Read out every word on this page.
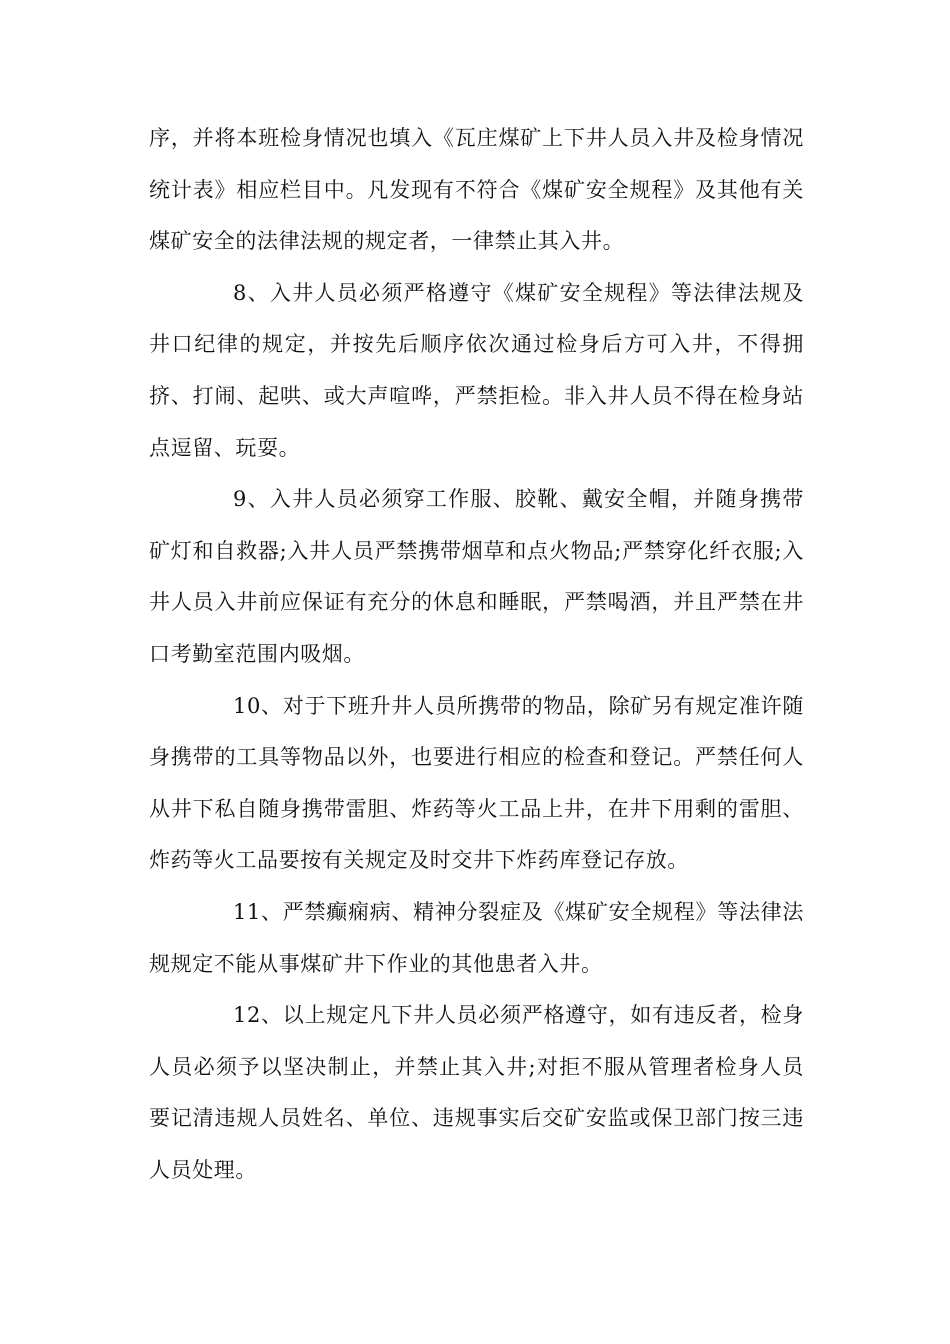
序，并将本班检身情况也填入《瓦庄煤矿上下井人员入井及检身情况统计表》相应栏目中。凡发现有不符合《煤矿安全规程》及其他有关煤矿安全的法律法规的规定者，一律禁止其入井。

8、入井人员必须严格遵守《煤矿安全规程》等法律法规及井口纪律的规定，并按先后顺序依次通过检身后方可入井，不得拥挤、打闹、起哄、或大声喧哗，严禁拒检。非入井人员不得在检身站点逗留、玩耍。

9、入井人员必须穿工作服、胶靴、戴安全帽，并随身携带矿灯和自救器;入井人员严禁携带烟草和点火物品;严禁穿化纤衣服;入井人员入井前应保证有充分的休息和睡眠，严禁喝酒，并且严禁在井口考勤室范围内吸烟。

10、对于下班升井人员所携带的物品，除矿另有规定准许随身携带的工具等物品以外，也要进行相应的检查和登记。严禁任何人从井下私自随身携带雷胆、炸药等火工品上井，在井下用剩的雷胆、炸药等火工品要按有关规定及时交井下炸药库登记存放。

11、严禁癫痫病、精神分裂症及《煤矿安全规程》等法律法规规定不能从事煤矿井下作业的其他患者入井。

12、以上规定凡下井人员必须严格遵守，如有违反者，检身人员必须予以坚决制止，并禁止其入井;对拒不服从管理者检身人员要记清违规人员姓名、单位、违规事实后交矿安监或保卫部门按三违人员处理。
